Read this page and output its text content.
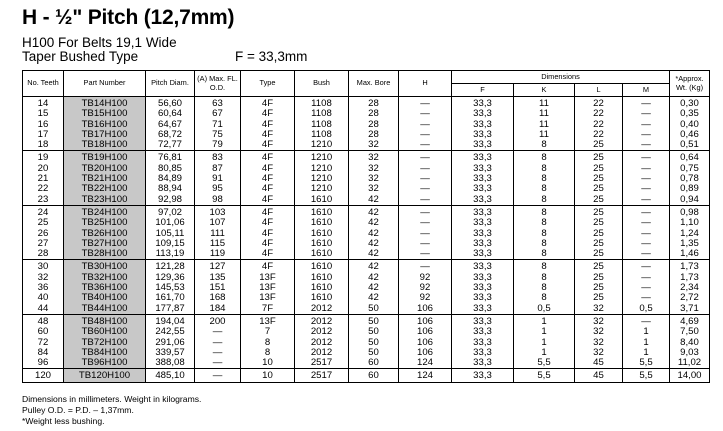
H - ½" Pitch (12,7mm)
H100 For Belts 19,1 Wide
Taper Bushed Type	F = 33,3mm
No. Teeth	Part Number	Pitch Diam.	(A) Max. FL. O.D.	Type	Bush	Max. Bore	H	Dimensions				*Approx. Wt. (Kg)
								F	K	L	M	
14	TB14H100	56,60	63	4F	1108	28	—	33,3	11	22	—	0,30
15	TB15H100	60,64	67	4F	1108	28	—	33,3	11	22	—	0,35
16	TB16H100	64,67	71	4F	1108	28	—	33,3	11	22	—	0,40
17	TB17H100	68,72	75	4F	1108	28	—	33,3	11	22	—	0,46
18	TB18H100	72,77	79	4F	1210	32	—	33,3	8	25	—	0,51
19	TB19H100	76,81	83	4F	1210	32	—	33,3	8	25	—	0,64
20	TB20H100	80,85	87	4F	1210	32	—	33,3	8	25	—	0,75
21	TB21H100	84,89	91	4F	1210	32	—	33,3	8	25	—	0,78
22	TB22H100	88,94	95	4F	1210	32	—	33,3	8	25	—	0,89
23	TB23H100	92,98	98	4F	1610	42	—	33,3	8	25	—	0,94
24	TB24H100	97,02	103	4F	1610	42	—	33,3	8	25	—	0,98
25	TB25H100	101,06	107	4F	1610	42	—	33,3	8	25	—	1,10
26	TB26H100	105,11	111	4F	1610	42	—	33,3	8	25	—	1,24
27	TB27H100	109,15	115	4F	1610	42	—	33,3	8	25	—	1,35
28	TB28H100	113,19	119	4F	1610	42	—	33,3	8	25	—	1,46
30	TB30H100	121,28	127	4F	1610	42	—	33,3	8	25	—	1,73
32	TB32H100	129,36	135	13F	1610	42	92	33,3	8	25	—	1,73
36	TB36H100	145,53	151	13F	1610	42	92	33,3	8	25	—	2,34
40	TB40H100	161,70	168	13F	1610	42	92	33,3	8	25	—	2,72
44	TB44H100	177,87	184	7F	2012	50	106	33,3	0,5	32	0,5	3,71
48	TB48H100	194,04	200	13F	2012	50	106	33,3	1	32	—	4,69
60	TB60H100	242,55	—	7	2012	50	106	33,3	1	32	1	7,50
72	TB72H100	291,06	—	8	2012	50	106	33,3	1	32	1	8,40
84	TB84H100	339,57	—	8	2012	50	106	33,3	1	32	1	9,03
96	TB96H100	388,08	—	10	2517	60	124	33,3	5,5	45	5,5	11,02
120	TB120H100	485,10	—	10	2517	60	124	33,3	5,5	45	5,5	14,00
Dimensions in millimeters. Weight in kilograms.
Pulley O.D. = P.D. – 1,37mm.
*Weight less bushing.
